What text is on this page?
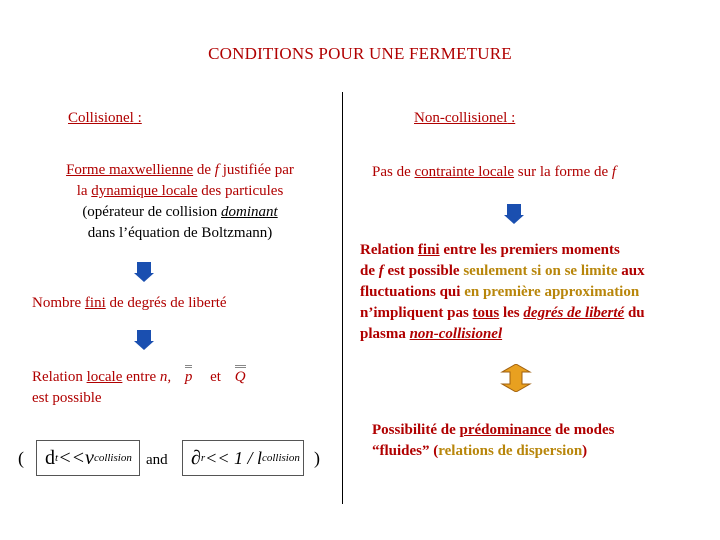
CONDITIONS POUR UNE FERMETURE
Collisionel :	Non-collisionel :
Forme maxwellienne de f justifiée par
la dynamique locale des particules
(opérateur de collision dominant
dans l’équation de Boltzmann)
Nombre fini de degrés de liberté
Relation locale entre n, p et Q
est possible
( d t <<ν collision and ∂ r << 1 / l collision )
Pas de contrainte locale sur la forme de f
Relation fini entre les premiers moments
de f est possible seulement si on se limite aux
fluctuations qui en première approximation
n’impliquent pas tous les degrés de liberté du
plasma non-collisionel
Possibilité de prédominance de modes
“fluides” (relations de dispersion)
